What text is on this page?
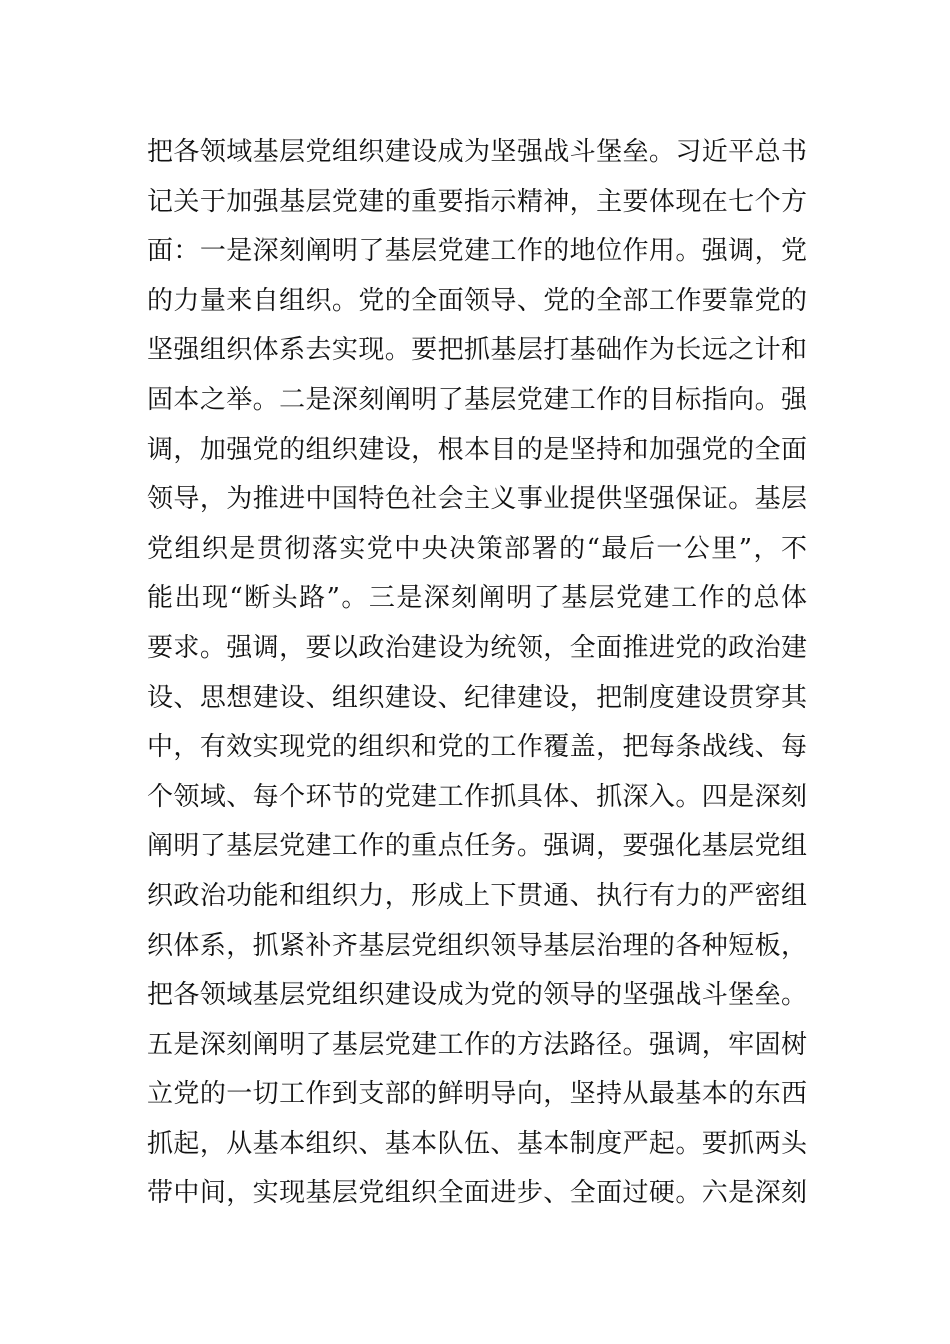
把各领域基层党组织建设成为坚强战斗堡垒。习近平总书
记关于加强基层党建的重要指示精神，主要体现在七个方
面：一是深刻阐明了基层党建工作的地位作用。强调，党
的力量来自组织。党的全面领导、党的全部工作要靠党的
坚强组织体系去实现。要把抓基层打基础作为长远之计和
固本之举。二是深刻阐明了基层党建工作的目标指向。强
调，加强党的组织建设，根本目的是坚持和加强党的全面
领导，为推进中国特色社会主义事业提供坚强保证。基层
党组织是贯彻落实党中央决策部署的“最后一公里”，不
能出现“断头路”。三是深刻阐明了基层党建工作的总体
要求。强调，要以政治建设为统领，全面推进党的政治建
设、思想建设、组织建设、纪律建设，把制度建设贯穿其
中，有效实现党的组织和党的工作覆盖，把每条战线、每
个领域、每个环节的党建工作抓具体、抓深入。四是深刻
阐明了基层党建工作的重点任务。强调，要强化基层党组
织政治功能和组织力，形成上下贯通、执行有力的严密组
织体系，抓紧补齐基层党组织领导基层治理的各种短板，
把各领域基层党组织建设成为党的领导的坚强战斗堡垒。
五是深刻阐明了基层党建工作的方法路径。强调，牢固树
立党的一切工作到支部的鲜明导向，坚持从最基本的东西
抓起，从基本组织、基本队伍、基本制度严起。要抓两头
带中间，实现基层党组织全面进步、全面过硬。六是深刻
